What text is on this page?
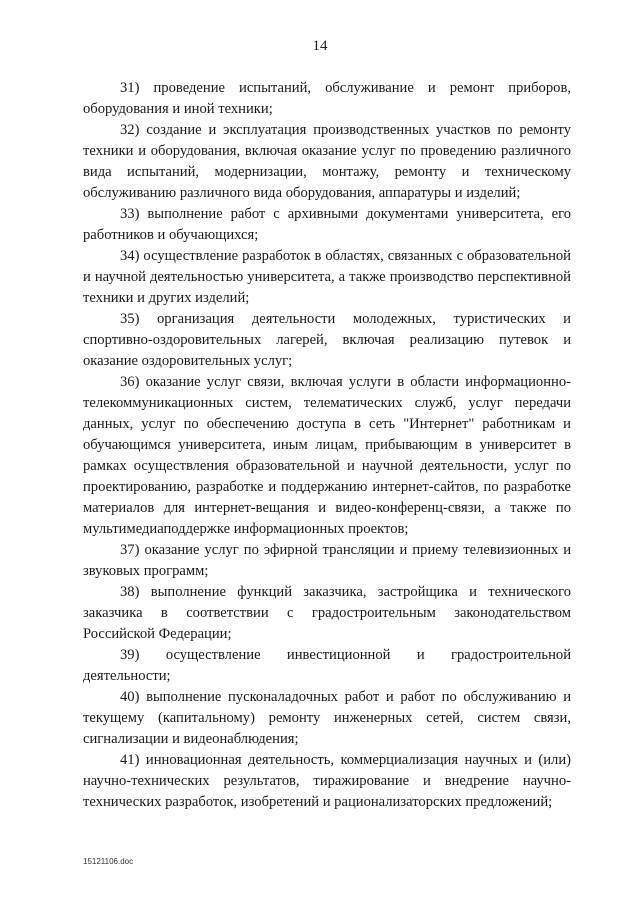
14

31) проведение испытаний, обслуживание и ремонт приборов, оборудования и иной техники;

32) создание и эксплуатация производственных участков по ремонту техники и оборудования, включая оказание услуг по проведению различного вида испытаний, модернизации, монтажу, ремонту и техническому обслуживанию различного вида оборудования, аппаратуры и изделий;

33) выполнение работ с архивными документами университета, его работников и обучающихся;

34) осуществление разработок в областях, связанных с образовательной и научной деятельностью университета, а также производство перспективной техники и других изделий;

35) организация деятельности молодежных, туристических и спортивно-оздоровительных лагерей, включая реализацию путевок и оказание оздоровительных услуг;

36) оказание услуг связи, включая услуги в области информационно-телекоммуникационных систем, телематических служб, услуг передачи данных, услуг по обеспечению доступа в сеть "Интернет" работникам и обучающимся университета, иным лицам, прибывающим в университет в рамках осуществления образовательной и научной деятельности, услуг по проектированию, разработке и поддержанию интернет-сайтов, по разработке материалов для интернет-вещания и видео-конференц-связи, а также по мультимедиаподдержке информационных проектов;

37) оказание услуг по эфирной трансляции и приему телевизионных и звуковых программ;

38) выполнение функций заказчика, застройщика и технического заказчика в соответствии с градостроительным законодательством Российской Федерации;

39) осуществление инвестиционной и градостроительной деятельности;

40) выполнение пусконаладочных работ и работ по обслуживанию и текущему (капитальному) ремонту инженерных сетей, систем связи, сигнализации и видеонаблюдения;

41) инновационная деятельность, коммерциализация научных и (или) научно-технических результатов, тиражирование и внедрение научно-технических разработок, изобретений и рационализаторских предложений;

15121106.doc
